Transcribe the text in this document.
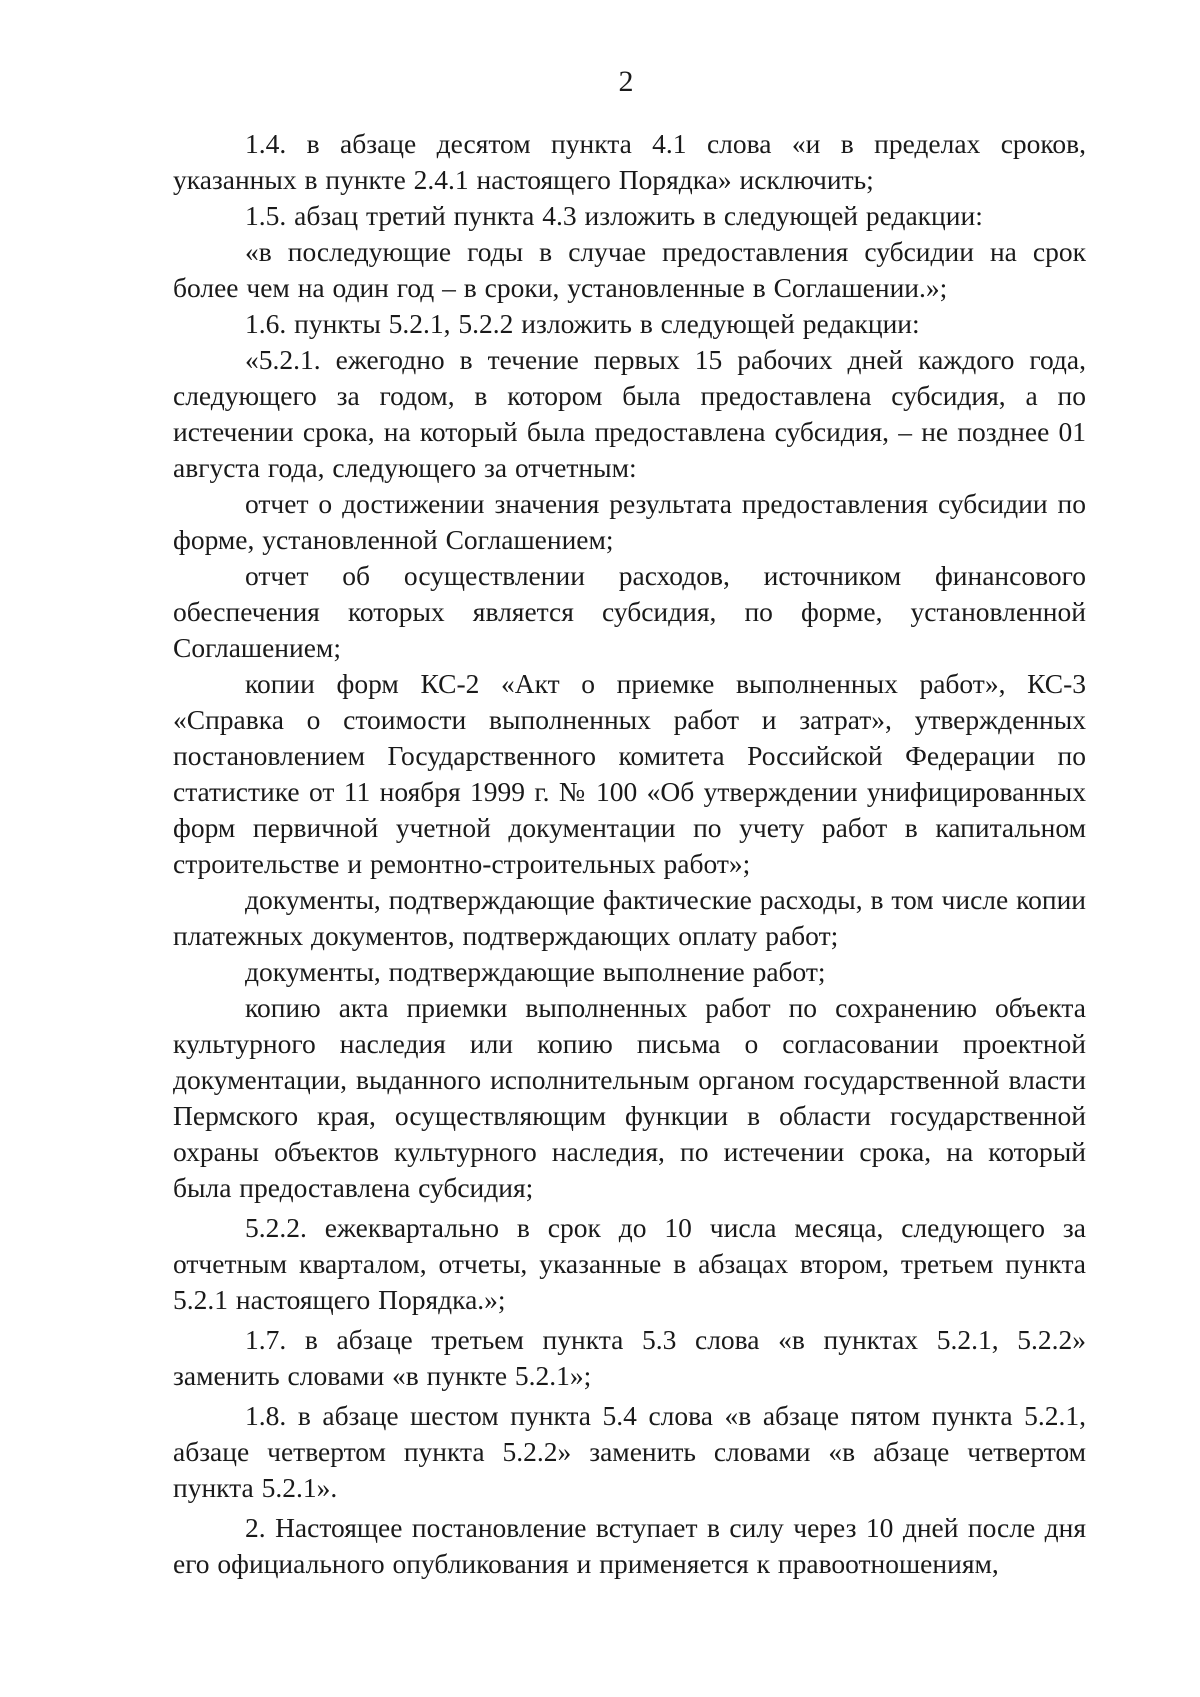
2

1.4. в абзаце десятом пункта 4.1 слова «и в пределах сроков, указанных в пункте 2.4.1 настоящего Порядка» исключить;

1.5. абзац третий пункта 4.3 изложить в следующей редакции:

«в последующие годы в случае предоставления субсидии на срок более чем на один год – в сроки, установленные в Соглашении.»;

1.6. пункты 5.2.1, 5.2.2 изложить в следующей редакции:

«5.2.1. ежегодно в течение первых 15 рабочих дней каждого года, следующего за годом, в котором была предоставлена субсидия, а по истечении срока, на который была предоставлена субсидия, – не позднее 01 августа года, следующего за отчетным:

отчет о достижении значения результата предоставления субсидии по форме, установленной Соглашением;

отчет об осуществлении расходов, источником финансового обеспечения которых является субсидия, по форме, установленной Соглашением;

копии форм КС-2 «Акт о приемке выполненных работ», КС-3 «Справка о стоимости выполненных работ и затрат», утвержденных постановлением Государственного комитета Российской Федерации по статистике от 11 ноября 1999 г. № 100 «Об утверждении унифицированных форм первичной учетной документации по учету работ в капитальном строительстве и ремонтно-строительных работ»;

документы, подтверждающие фактические расходы, в том числе копии платежных документов, подтверждающих оплату работ;

документы, подтверждающие выполнение работ;

копию акта приемки выполненных работ по сохранению объекта культурного наследия или копию письма о согласовании проектной документации, выданного исполнительным органом государственной власти Пермского края, осуществляющим функции в области государственной охраны объектов культурного наследия, по истечении срока, на который была предоставлена субсидия;

5.2.2. ежеквартально в срок до 10 числа месяца, следующего за отчетным кварталом, отчеты, указанные в абзацах втором, третьем пункта 5.2.1 настоящего Порядка.»;

1.7. в абзаце третьем пункта 5.3 слова «в пунктах 5.2.1, 5.2.2» заменить словами «в пункте 5.2.1»;

1.8. в абзаце шестом пункта 5.4 слова «в абзаце пятом пункта 5.2.1, абзаце четвертом пункта 5.2.2» заменить словами «в абзаце четвертом пункта 5.2.1».

2. Настоящее постановление вступает в силу через 10 дней после дня его официального опубликования и применяется к правоотношениям,
